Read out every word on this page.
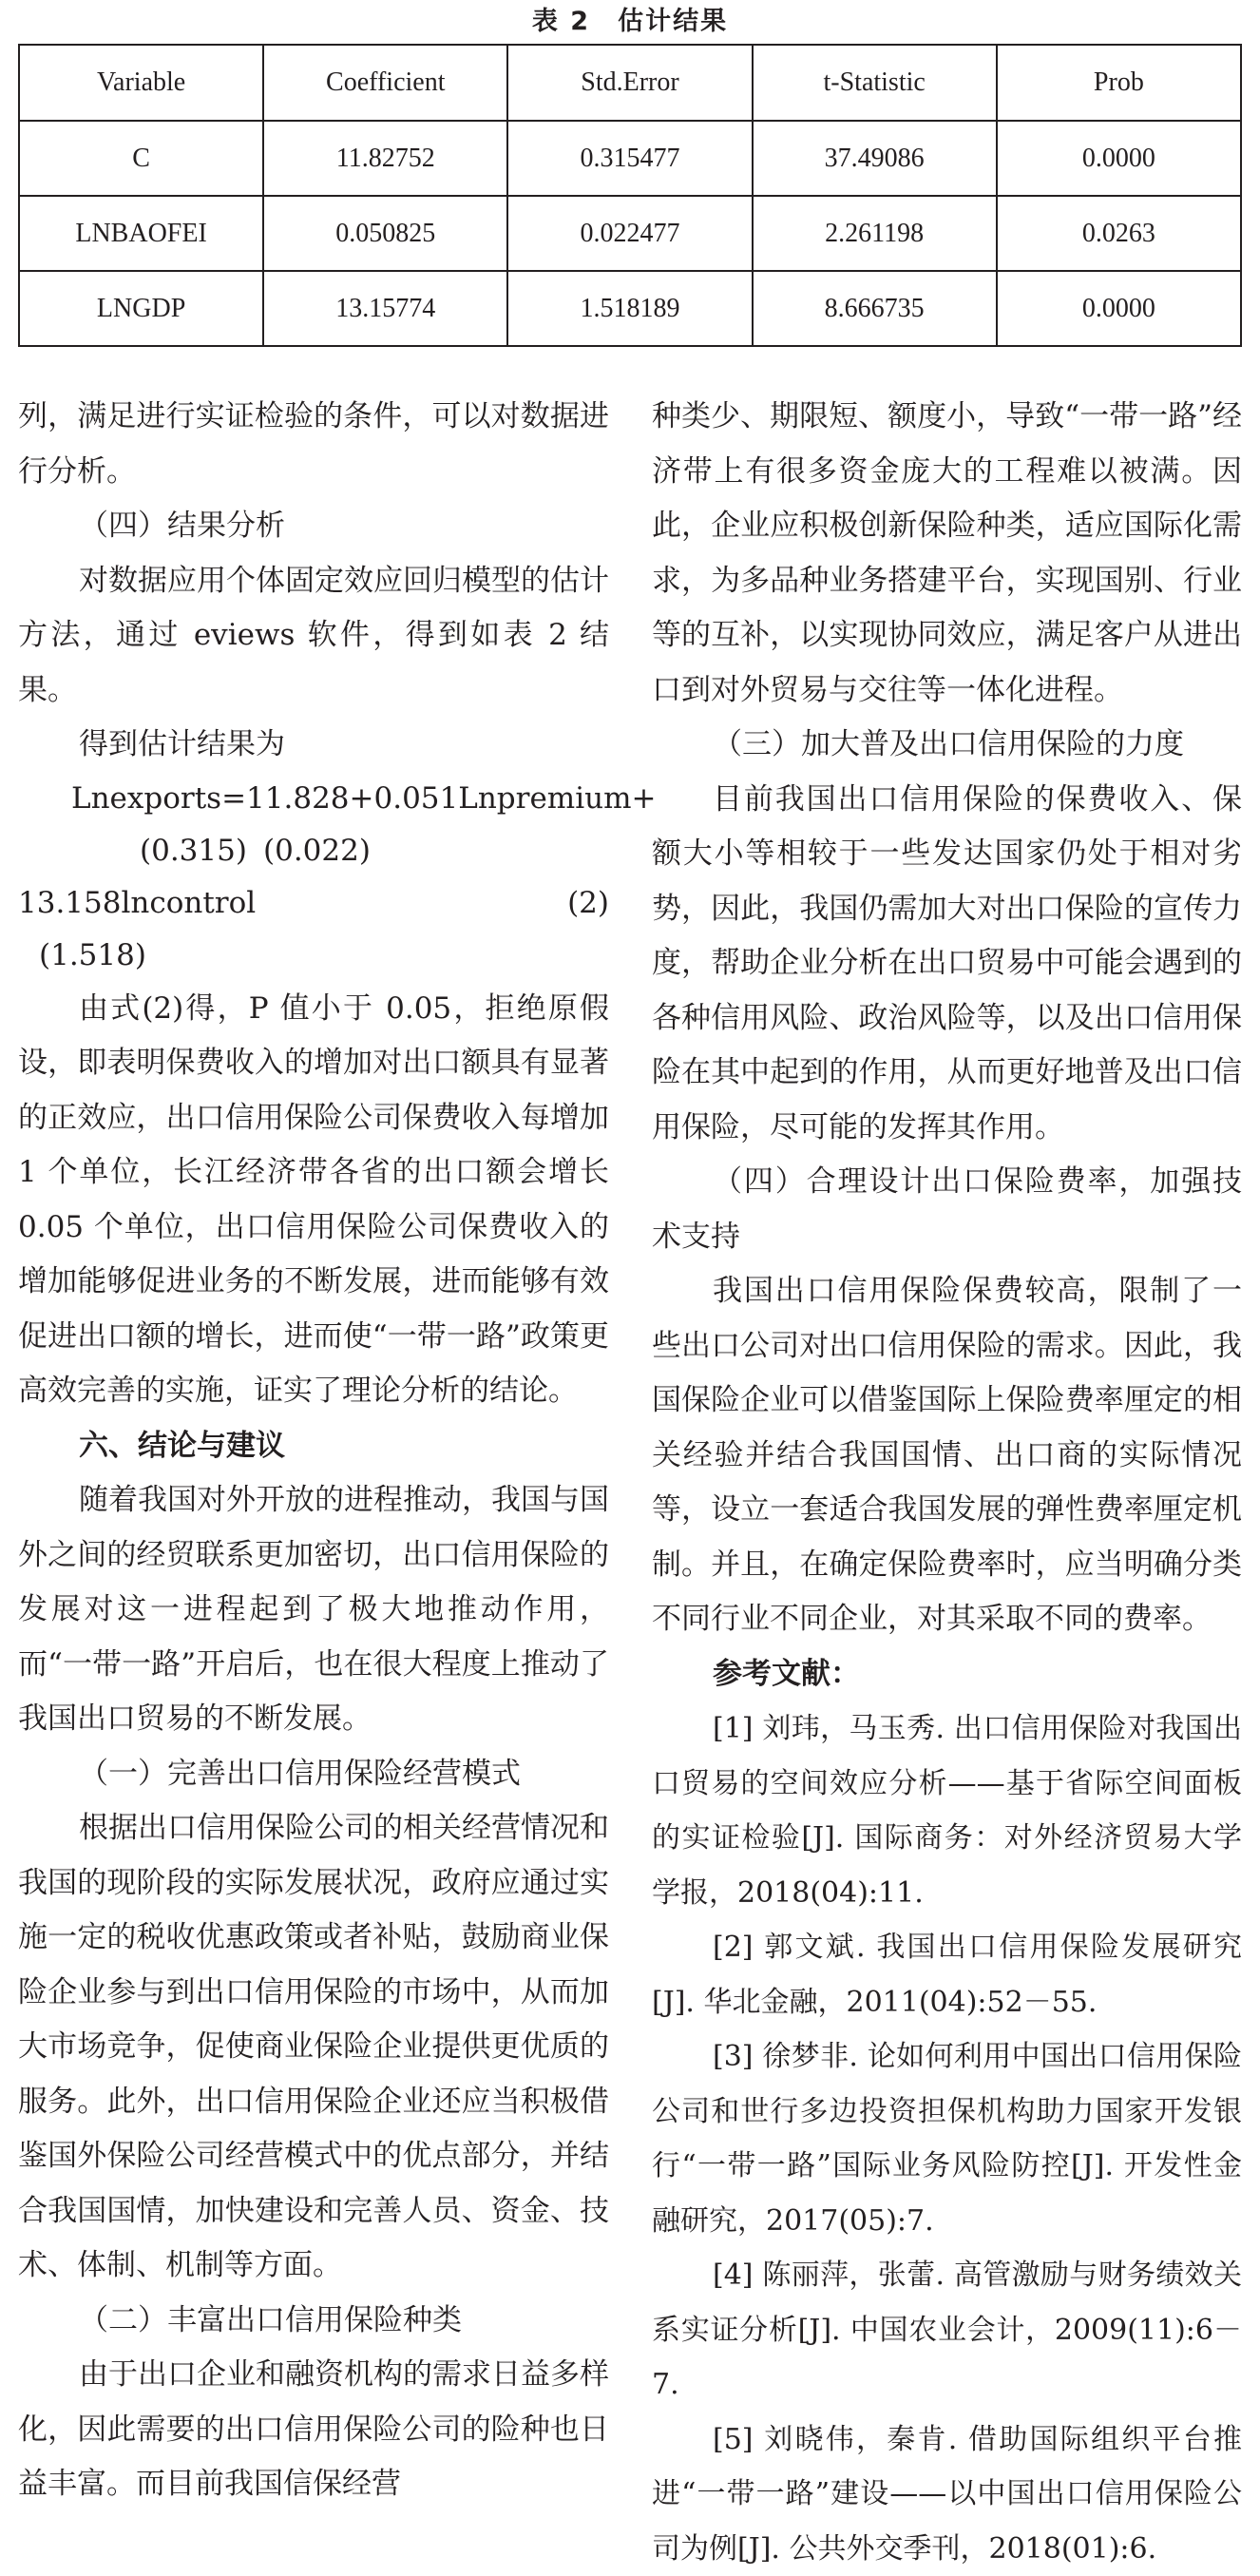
表 2　估计结果
Variable	Coefficient	Std.Error	t-Statistic	Prob
C	11.82752	0.315477	37.49086	0.0000
LNBAOFEI	0.050825	0.022477	2.261198	0.0263
LNGDP	13.15774	1.518189	8.666735	0.0000

列，满足进行实证检验的条件，可以对数据进行分析。

（四）结果分析

对数据应用个体固定效应回归模型的估计方法，通过 eviews 软件，得到如表 2 结果。

得到估计结果为

Lnexports=11.828+0.051Lnpremium+
(0.315) (0.022)
13.158lncontrol	(2)
(1.518)

由式(2)得，P 值小于 0.05，拒绝原假设，即表明保费收入的增加对出口额具有显著的正效应，出口信用保险公司保费收入每增加 1 个单位，长江经济带各省的出口额会增长 0.05 个单位，出口信用保险公司保费收入的增加能够促进业务的不断发展，进而能够有效促进出口额的增长，进而使“一带一路”政策更高效完善的实施，证实了理论分析的结论。

六、结论与建议

随着我国对外开放的进程推动，我国与国外之间的经贸联系更加密切，出口信用保险的发展对这一进程起到了极大地推动作用，而“一带一路”开启后，也在很大程度上推动了我国出口贸易的不断发展。

（一）完善出口信用保险经营模式

根据出口信用保险公司的相关经营情况和我国的现阶段的实际发展状况，政府应通过实施一定的税收优惠政策或者补贴，鼓励商业保险企业参与到出口信用保险的市场中，从而加大市场竞争，促使商业保险企业提供更优质的服务。此外，出口信用保险企业还应当积极借鉴国外保险公司经营模式中的优点部分，并结合我国国情，加快建设和完善人员、资金、技术、体制、机制等方面。

（二）丰富出口信用保险种类

由于出口企业和融资机构的需求日益多样化，因此需要的出口信用保险公司的险种也日益丰富。而目前我国信保经营

种类少、期限短、额度小，导致“一带一路”经济带上有很多资金庞大的工程难以被满。因此，企业应积极创新保险种类，适应国际化需求，为多品种业务搭建平台，实现国别、行业等的互补，以实现协同效应，满足客户从进出口到对外贸易与交往等一体化进程。

（三）加大普及出口信用保险的力度

目前我国出口信用保险的保费收入、保额大小等相较于一些发达国家仍处于相对劣势，因此，我国仍需加大对出口保险的宣传力度，帮助企业分析在出口贸易中可能会遇到的各种信用风险、政治风险等，以及出口信用保险在其中起到的作用，从而更好地普及出口信用保险，尽可能的发挥其作用。

（四）合理设计出口保险费率，加强技术支持

我国出口信用保险保费较高，限制了一些出口公司对出口信用保险的需求。因此，我国保险企业可以借鉴国际上保险费率厘定的相关经验并结合我国国情、出口商的实际情况等，设立一套适合我国发展的弹性费率厘定机制。并且，在确定保险费率时，应当明确分类不同行业不同企业，对其采取不同的费率。

参考文献：

[1] 刘玮，马玉秀. 出口信用保险对我国出口贸易的空间效应分析——基于省际空间面板的实证检验[J]. 国际商务：对外经济贸易大学学报，2018(04):11.

[2] 郭文斌. 我国出口信用保险发展研究[J]. 华北金融，2011(04):52－55.

[3] 徐梦非. 论如何利用中国出口信用保险公司和世行多边投资担保机构助力国家开发银行“一带一路”国际业务风险防控[J]. 开发性金融研究，2017(05):7.

[4] 陈丽萍，张蕾. 高管激励与财务绩效关系实证分析[J]. 中国农业会计，2009(11):6－7.

[5] 刘晓伟，秦肯. 借助国际组织平台推进“一带一路”建设——以中国出口信用保险公司为例[J]. 公共外交季刊，2018(01):6.
